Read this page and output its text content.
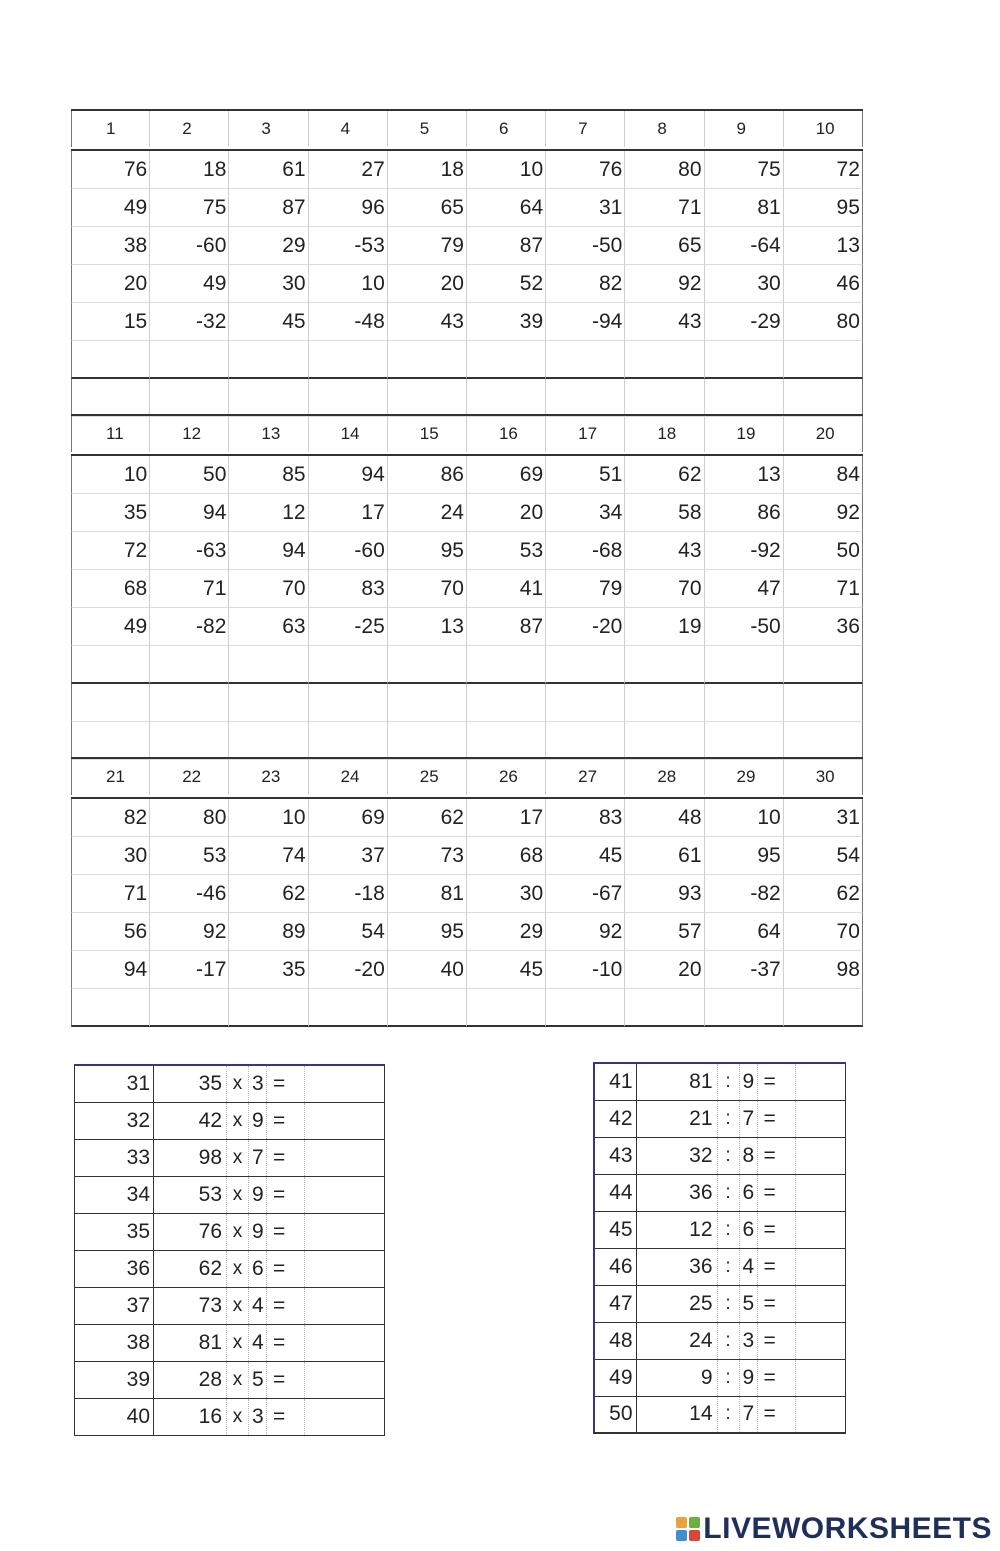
1	2	3	4	5	6	7	8	9	10
76	18	61	27	18	10	76	80	75	72
49	75	87	96	65	64	31	71	81	95
38	-60	29	-53	79	87	-50	65	-64	13
20	49	30	10	20	52	82	92	30	46
15	-32	45	-48	43	39	-94	43	-29	80
11	12	13	14	15	16	17	18	19	20
10	50	85	94	86	69	51	62	13	84
35	94	12	17	24	20	34	58	86	92
72	-63	94	-60	95	53	-68	43	-92	50
68	71	70	83	70	41	79	70	47	71
49	-82	63	-25	13	87	-20	19	-50	36
21	22	23	24	25	26	27	28	29	30
82	80	10	69	62	17	83	48	10	31
30	53	74	37	73	68	45	61	95	54
71	-46	62	-18	81	30	-67	93	-82	62
56	92	89	54	95	29	92	57	64	70
94	-17	35	-20	40	45	-10	20	-37	98
31	35	x	3	=	
32	42	x	9	=	
33	98	x	7	=	
34	53	x	9	=	
35	76	x	9	=	
36	62	x	6	=	
37	73	x	4	=	
38	81	x	4	=	
39	28	x	5	=	
40	16	x	3	=	
41	81	:	9	=	
42	21	:	7	=	
43	32	:	8	=	
44	36	:	6	=	
45	12	:	6	=	
46	36	:	4	=	
47	25	:	5	=	
48	24	:	3	=	
49	9	:	9	=	
50	14	:	7	=	
LIVEWORKSHEETS
